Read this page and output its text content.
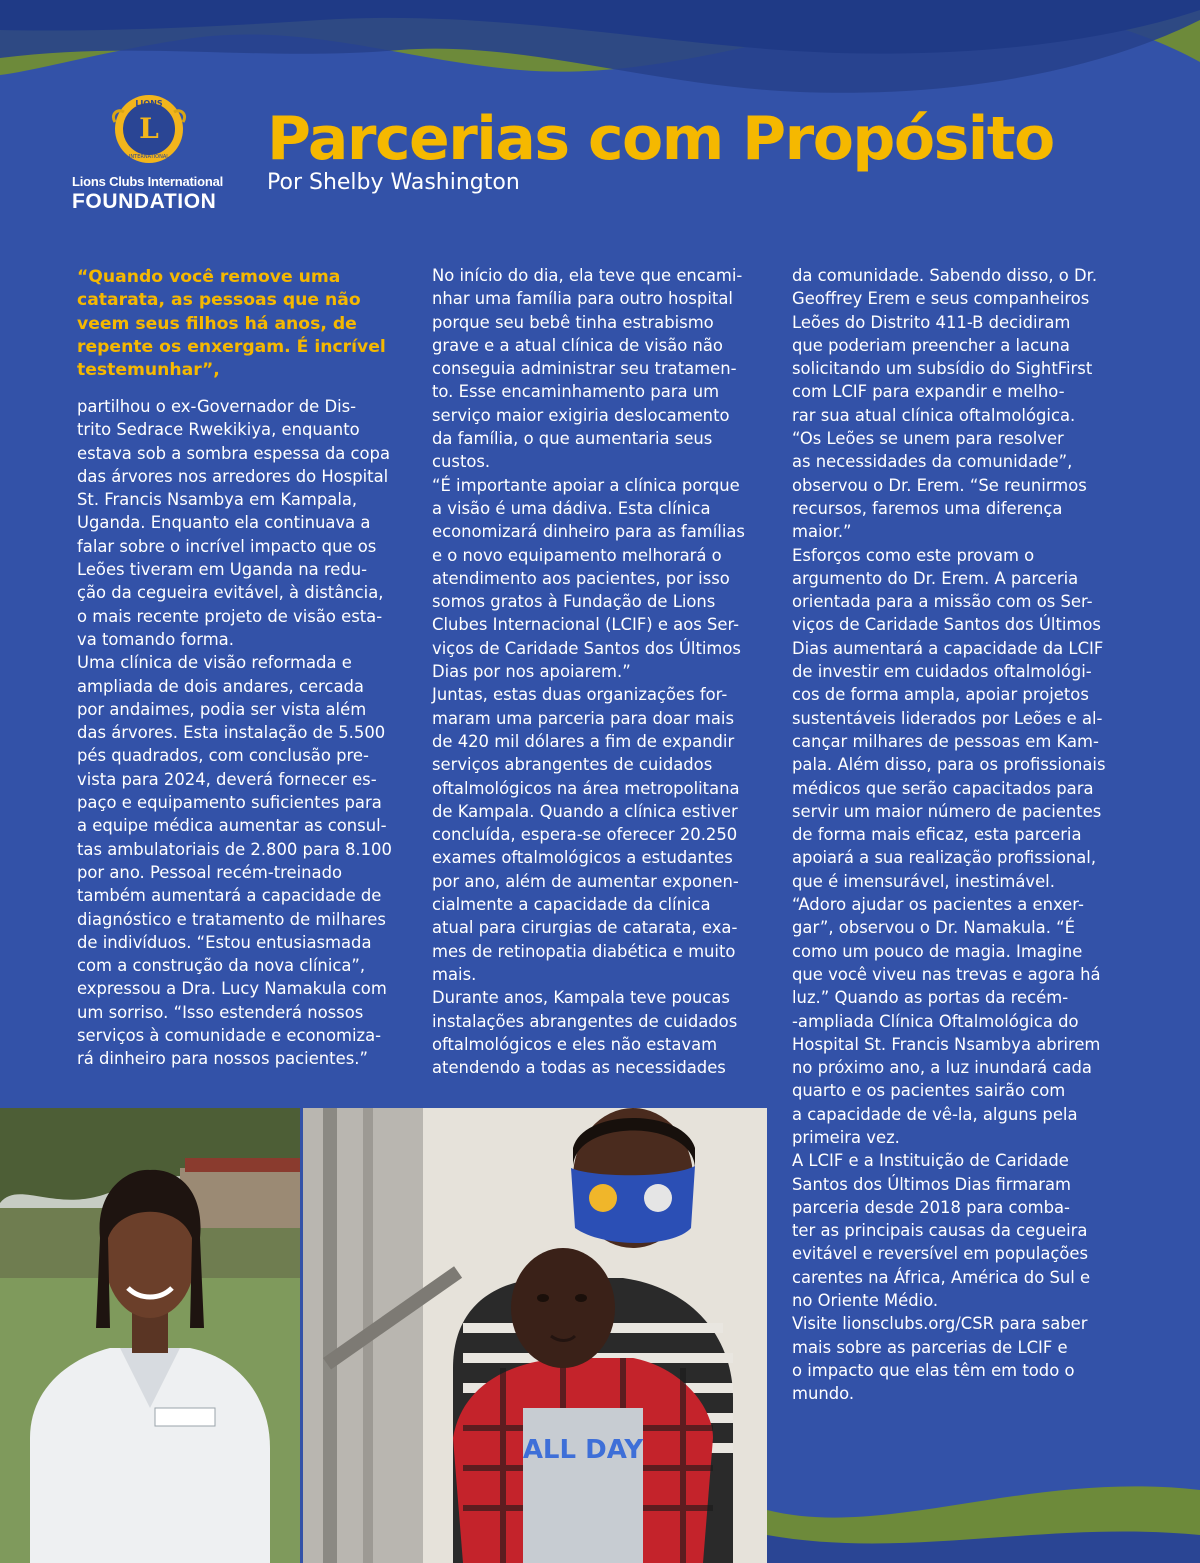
LIONS
L
INTERNATIONAL
Lions Clubs International
FOUNDATION
Parcerias com Propósito
Por Shelby Washington
“Quando você remove uma
catarata, as pessoas que não
veem seus filhos há anos, de
repente os enxergam. É incrível
testemunhar”,
partilhou o ex-Governador de Dis-
trito Sedrace Rwekikiya, enquanto
estava sob a sombra espessa da copa
das árvores nos arredores do Hospital
St. Francis Nsambya em Kampala,
Uganda. Enquanto ela continuava a
falar sobre o incrível impacto que os
Leões tiveram em Uganda na redu-
ção da cegueira evitável, à distância,
o mais recente projeto de visão esta-
va tomando forma.
Uma clínica de visão reformada e
ampliada de dois andares, cercada
por andaimes, podia ser vista além
das árvores. Esta instalação de 5.500
pés quadrados, com conclusão pre-
vista para 2024, deverá fornecer es-
paço e equipamento suficientes para
a equipe médica aumentar as consul-
tas ambulatoriais de 2.800 para 8.100
por ano. Pessoal recém-treinado
também aumentará a capacidade de
diagnóstico e tratamento de milhares
de indivíduos. “Estou entusiasmada
com a construção da nova clínica”,
expressou a Dra. Lucy Namakula com
um sorriso. “Isso estenderá nossos
serviços à comunidade e economiza-
rá dinheiro para nossos pacientes.”
No início do dia, ela teve que encami-
nhar uma família para outro hospital
porque seu bebê tinha estrabismo
grave e a atual clínica de visão não
conseguia administrar seu tratamen-
to. Esse encaminhamento para um
serviço maior exigiria deslocamento
da família, o que aumentaria seus
custos.
“É importante apoiar a clínica porque
a visão é uma dádiva. Esta clínica
economizará dinheiro para as famílias
e o novo equipamento melhorará o
atendimento aos pacientes, por isso
somos gratos à Fundação de Lions
Clubes Internacional (LCIF) e aos Ser-
viços de Caridade Santos dos Últimos
Dias por nos apoiarem.”
Juntas, estas duas organizações for-
maram uma parceria para doar mais
de 420 mil dólares a fim de expandir
serviços abrangentes de cuidados
oftalmológicos na área metropolitana
de Kampala. Quando a clínica estiver
concluída, espera-se oferecer 20.250
exames oftalmológicos a estudantes
por ano, além de aumentar exponen-
cialmente a capacidade da clínica
atual para cirurgias de catarata, exa-
mes de retinopatia diabética e muito
mais.
Durante anos, Kampala teve poucas
instalações abrangentes de cuidados
oftalmológicos e eles não estavam
atendendo a todas as necessidades
da comunidade. Sabendo disso, o Dr.
Geoffrey Erem e seus companheiros
Leões do Distrito 411-B decidiram
que poderiam preencher a lacuna
solicitando um subsídio do SightFirst
com LCIF para expandir e melho-
rar sua atual clínica oftalmológica.
“Os Leões se unem para resolver
as necessidades da comunidade”,
observou o Dr. Erem. “Se reunirmos
recursos, faremos uma diferença
maior.”
Esforços como este provam o
argumento do Dr. Erem. A parceria
orientada para a missão com os Ser-
viços de Caridade Santos dos Últimos
Dias aumentará a capacidade da LCIF
de investir em cuidados oftalmológi-
cos de forma ampla, apoiar projetos
sustentáveis liderados por Leões e al-
cançar milhares de pessoas em Kam-
pala. Além disso, para os profissionais
médicos que serão capacitados para
servir um maior número de pacientes
de forma mais eficaz, esta parceria
apoiará a sua realização profissional,
que é imensurável, inestimável.
“Adoro ajudar os pacientes a enxer-
gar”, observou o Dr. Namakula. “É
como um pouco de magia. Imagine
que você viveu nas trevas e agora há
luz.” Quando as portas da recém-
-ampliada Clínica Oftalmológica do
Hospital St. Francis Nsambya abrirem
no próximo ano, a luz inundará cada
quarto e os pacientes sairão com
a capacidade de vê-la, alguns pela
primeira vez.
A LCIF e a Instituição de Caridade
Santos dos Últimos Dias firmaram
parceria desde 2018 para comba-
ter as principais causas da cegueira
evitável e reversível em populações
carentes na África, América do Sul e
no Oriente Médio.
Visite lionsclubs.org/CSR para saber
mais sobre as parcerias de LCIF e
o impacto que elas têm em todo o
mundo.
ALL DAY
